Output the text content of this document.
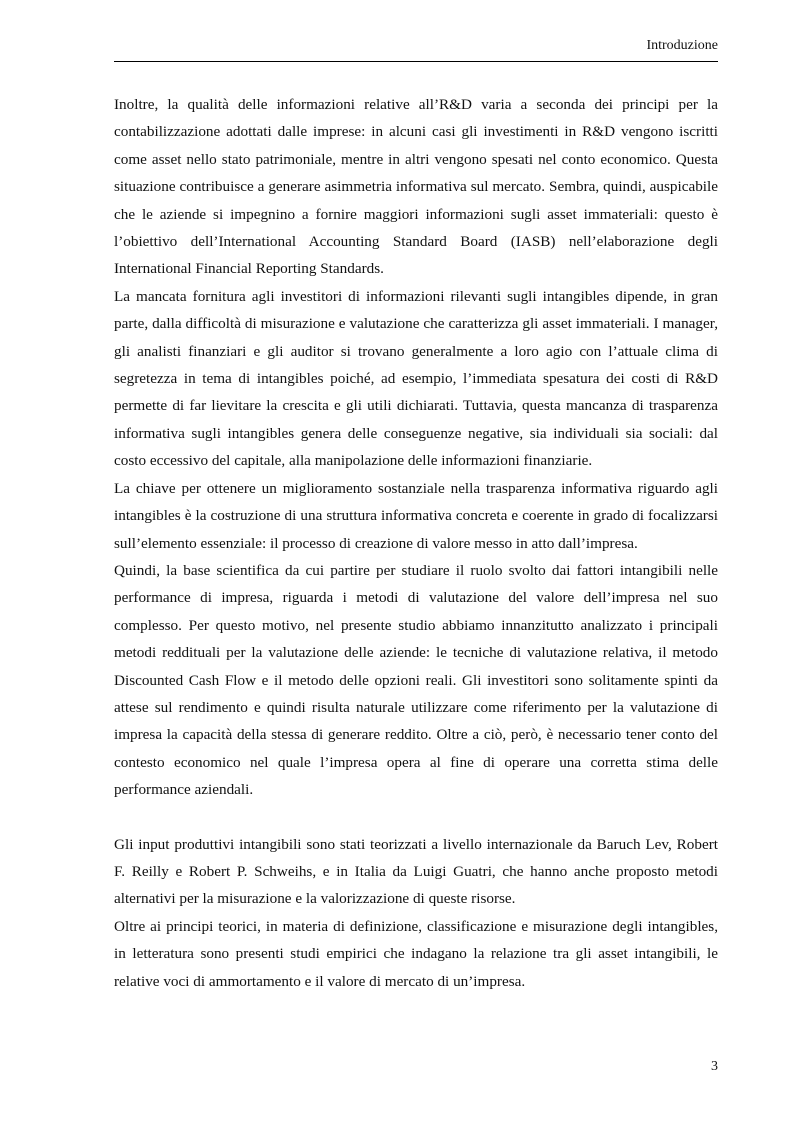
Introduzione

Inoltre, la qualità delle informazioni relative all’R&D varia a seconda dei principi per la contabilizzazione adottati dalle imprese: in alcuni casi gli investimenti in R&D vengono iscritti come asset nello stato patrimoniale, mentre in altri vengono spesati nel conto economico. Questa situazione contribuisce a generare asimmetria informativa sul mercato. Sembra, quindi, auspicabile che le aziende si impegnino a fornire maggiori informazioni sugli asset immateriali: questo è l’obiettivo dell’International Accounting Standard Board (IASB) nell’elaborazione degli International Financial Reporting Standards.

La mancata fornitura agli investitori di informazioni rilevanti sugli intangibles dipende, in gran parte, dalla difficoltà di misurazione e valutazione che caratterizza gli asset immateriali. I manager, gli analisti finanziari e gli auditor si trovano generalmente a loro agio con l’attuale clima di segretezza in tema di intangibles poiché, ad esempio, l’immediata spesatura dei costi di R&D permette di far lievitare la crescita e gli utili dichiarati. Tuttavia, questa mancanza di trasparenza informativa sugli intangibles genera delle conseguenze negative, sia individuali sia sociali: dal costo eccessivo del capitale, alla manipolazione delle informazioni finanziarie.

La chiave per ottenere un miglioramento sostanziale nella trasparenza informativa riguardo agli intangibles è la costruzione di una struttura informativa concreta e coerente in grado di focalizzarsi sull’elemento essenziale: il processo di creazione di valore messo in atto dall’impresa.

Quindi, la base scientifica da cui partire per studiare il ruolo svolto dai fattori intangibili nelle performance di impresa, riguarda i metodi di valutazione del valore dell’impresa nel suo complesso. Per questo motivo, nel presente studio abbiamo innanzitutto analizzato i principali metodi reddituali per la valutazione delle aziende: le tecniche di valutazione relativa, il metodo Discounted Cash Flow e il metodo delle opzioni reali. Gli investitori sono solitamente spinti da attese sul rendimento e quindi risulta naturale utilizzare come riferimento per la valutazione di impresa la capacità della stessa di generare reddito. Oltre a ciò, però, è necessario tener conto del contesto economico nel quale l’impresa opera al fine di operare una corretta stima delle performance aziendali.

Gli input produttivi intangibili sono stati teorizzati a livello internazionale da Baruch Lev, Robert F. Reilly e Robert P. Schweihs, e in Italia da Luigi Guatri, che hanno anche proposto metodi alternativi per la misurazione e la valorizzazione di queste risorse.

Oltre ai principi teorici, in materia di definizione, classificazione e misurazione degli intangibles, in letteratura sono presenti studi empirici che indagano la relazione tra gli asset intangibili, le relative voci di ammortamento e il valore di mercato di un’impresa.

3
